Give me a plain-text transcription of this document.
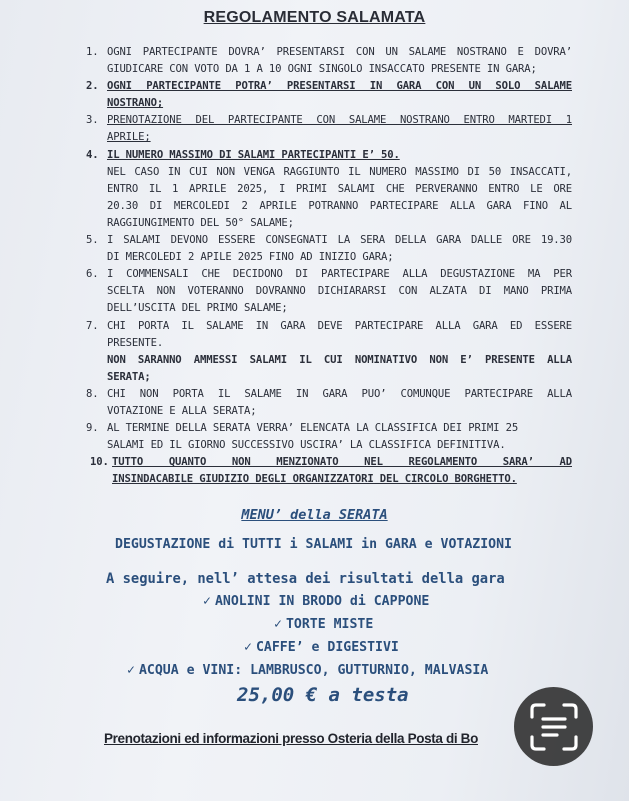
REGOLAMENTO SALAMATA
1. OGNI PARTECIPANTE DOVRA’ PRESENTARSI CON UN SALAME NOSTRANO E DOVRA’
GIUDICARE CON VOTO DA 1 A 10 OGNI SINGOLO INSACCATO PRESENTE IN GARA;
2. OGNI PARTECIPANTE POTRA’ PRESENTARSI IN GARA CON UN SOLO SALAME
NOSTRANO;
3. PRENOTAZIONE DEL PARTECIPANTE CON SALAME NOSTRANO ENTRO MARTEDI 1
APRILE;
4. IL NUMERO MASSIMO DI SALAMI PARTECIPANTI E’ 50.
NEL CASO IN CUI NON VENGA RAGGIUNTO IL NUMERO MASSIMO DI 50 INSACCATI,
ENTRO IL 1 APRILE 2025, I PRIMI SALAMI CHE PERVERANNO ENTRO LE ORE
20.30 DI MERCOLEDI 2 APRILE POTRANNO PARTECIPARE ALLA GARA FINO AL
RAGGIUNGIMENTO DEL 50° SALAME;
5. I SALAMI DEVONO ESSERE CONSEGNATI LA SERA DELLA GARA DALLE ORE 19.30
DI MERCOLEDI 2 APILE 2025 FINO AD INIZIO GARA;
6. I COMMENSALI CHE DECIDONO DI PARTECIPARE ALLA DEGUSTAZIONE MA PER
SCELTA NON VOTERANNO DOVRANNO DICHIARARSI CON ALZATA DI MANO PRIMA
DELL’USCITA DEL PRIMO SALAME;
7. CHI PORTA IL SALAME IN GARA DEVE PARTECIPARE ALLA GARA ED ESSERE
PRESENTE.
NON SARANNO AMMESSI SALAMI IL CUI NOMINATIVO NON E’ PRESENTE ALLA
SERATA;
8. CHI NON PORTA IL SALAME IN GARA PUO’ COMUNQUE PARTECIPARE ALLA
VOTAZIONE E ALLA SERATA;
9. AL TERMINE DELLA SERATA VERRA’ ELENCATA LA CLASSIFICA DEI PRIMI 25
SALAMI ED IL GIORNO SUCCESSIVO USCIRA’ LA CLASSIFICA DEFINITIVA.
10. TUTTO QUANTO NON MENZIONATO NEL REGOLAMENTO SARA’ AD
INSINDACABILE GIUDIZIO DEGLI ORGANIZZATORI DEL CIRCOLO BORGHETTO.
MENU’ della SERATA
DEGUSTAZIONE di TUTTI i SALAMI in GARA e VOTAZIONI
A seguire, nell’ attesa dei risultati della gara
✓ ANOLINI IN BRODO di CAPPONE
✓ TORTE MISTE
✓ CAFFE’ e DIGESTIVI
✓ ACQUA e VINI: LAMBRUSCO, GUTTURNIO, MALVASIA
25,00 € a testa

Prenotazioni ed informazioni presso Osteria della Posta di Bo
